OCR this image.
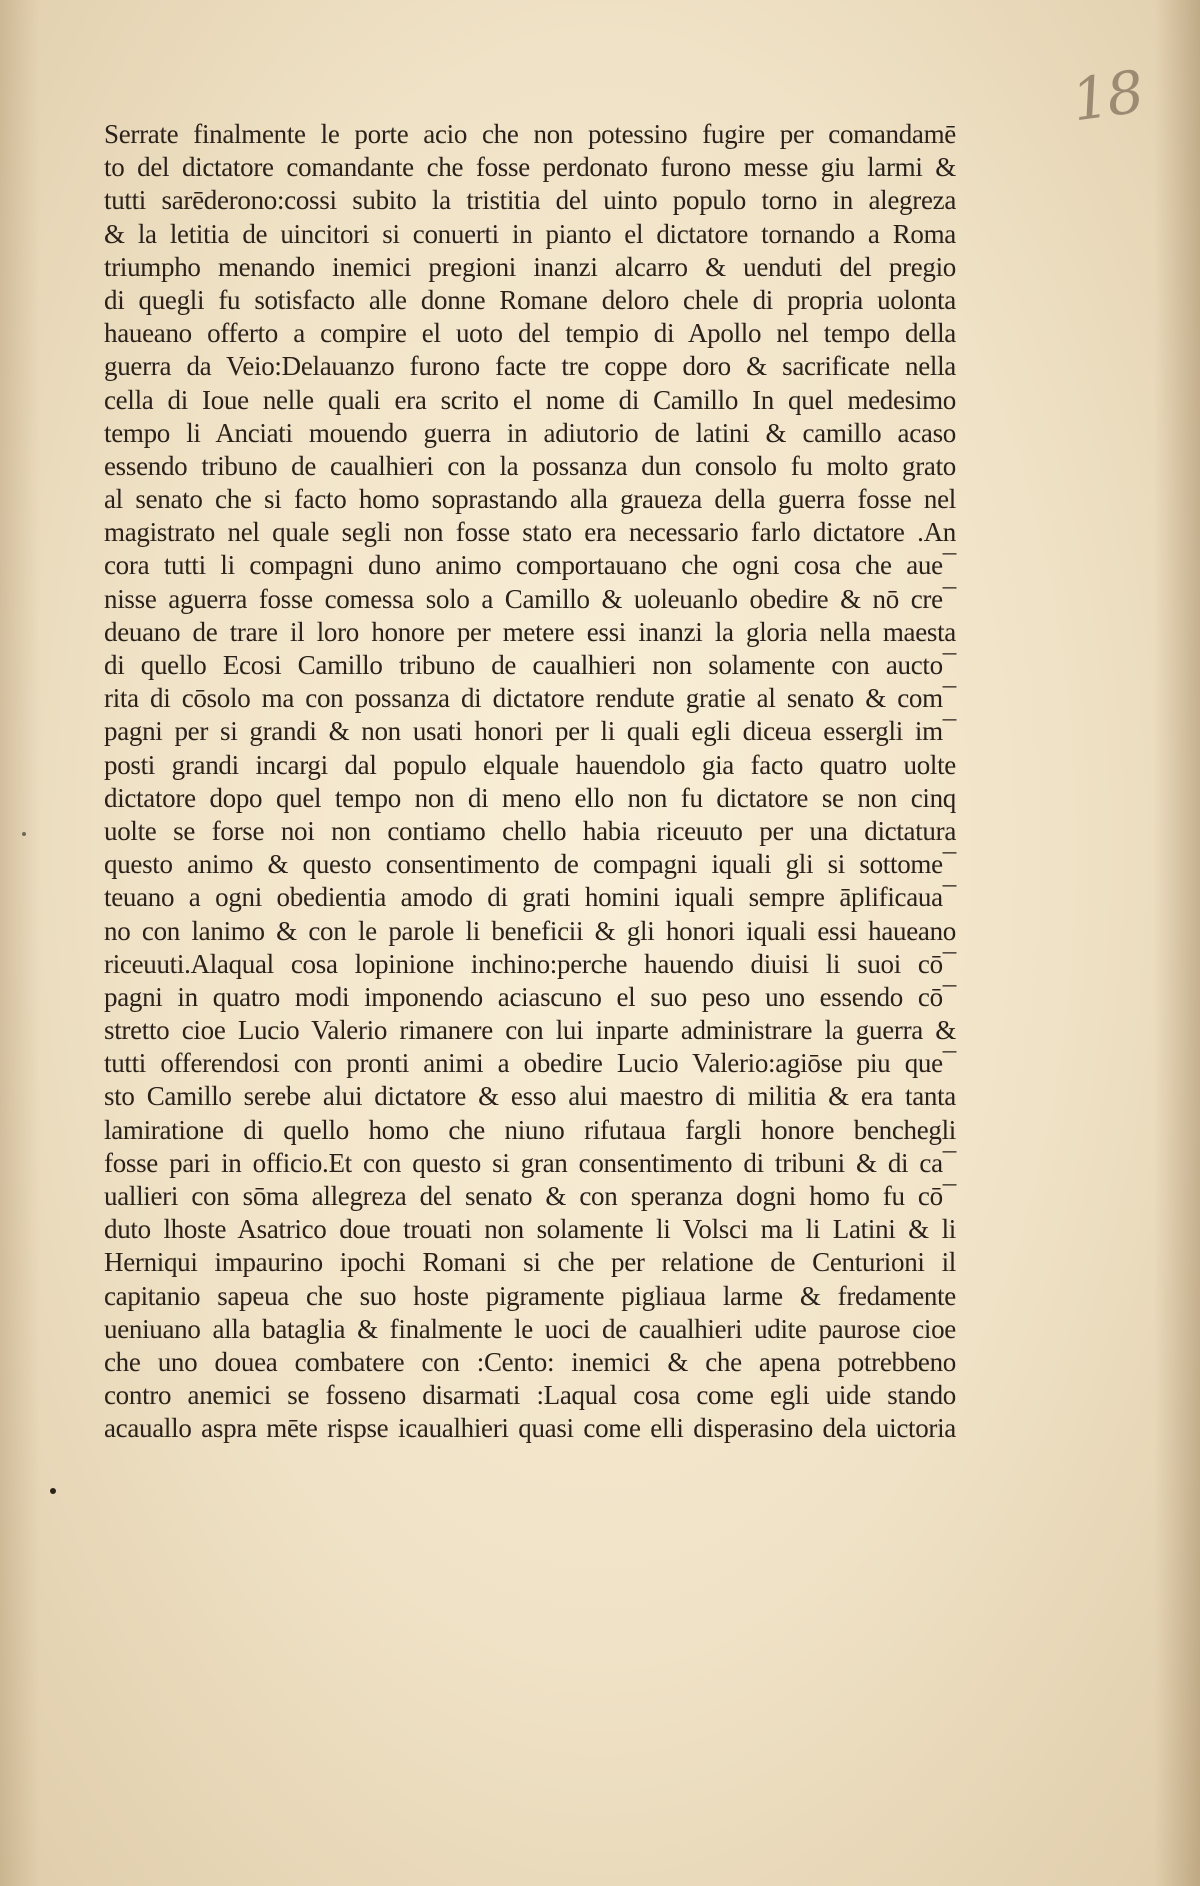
18
Serrate finalmente le porte acio che non potessino fugire per comandamē
to del dictatore comandante che fosse perdonato furono messe giu larmi &
tutti sarēderono:cossi subito la tristitia del uinto populo torno in alegreza
& la letitia de uincitori si conuerti in pianto el dictatore tornando a Roma
triumpho menando inemici pregioni inanzi alcarro & uenduti del pregio
di quegli fu sotisfacto alle donne Romane deloro chele di propria uolonta
haueano offerto a compire el uoto del tempio di Apollo nel tempo della
guerra da Veio:Delauanzo furono facte tre coppe doro & sacrificate nella
cella di Ioue nelle quali era scrito el nome di Camillo In quel medesimo
tempo li Anciati mouendo guerra in adiutorio de latini & camillo acaso
essendo tribuno de caualhieri con la possanza dun consolo fu molto grato
al senato che si facto homo soprastando alla graueza della guerra fosse nel
magistrato nel quale segli non fosse stato era necessario farlo dictatore .An
cora tutti li compagni duno animo comportauano che ogni cosa che aue¯
nisse aguerra fosse comessa solo a Camillo & uoleuanlo obedire & nō cre¯
deuano de trare il loro honore per metere essi inanzi la gloria nella maesta
di quello Ecosi Camillo tribuno de caualhieri non solamente con aucto¯
rita di cōsolo ma con possanza di dictatore rendute gratie al senato & com¯
pagni per si grandi & non usati honori per li quali egli diceua essergli im¯
posti grandi incargi dal populo elquale hauendolo gia facto quatro uolte
dictatore dopo quel tempo non di meno ello non fu dictatore se non cinq
uolte se forse noi non contiamo chello habia riceuuto per una dictatura
questo animo & questo consentimento de compagni iquali gli si sottome¯
teuano a ogni obedientia amodo di grati homini iquali sempre āplificaua¯
no con lanimo & con le parole li beneficii & gli honori iquali essi haueano
riceuuti.Alaqual cosa lopinione inchino:perche hauendo diuisi li suoi cō¯
pagni in quatro modi imponendo aciascuno el suo peso uno essendo cō¯
stretto cioe Lucio Valerio rimanere con lui inparte administrare la guerra &
tutti offerendosi con pronti animi a obedire Lucio Valerio:agiōse piu que¯
sto Camillo serebe alui dictatore & esso alui maestro di militia & era tanta
lamiratione di quello homo che niuno rifutaua fargli honore benchegli
fosse pari in officio.Et con questo si gran consentimento di tribuni & di ca¯
uallieri con sōma allegreza del senato & con speranza dogni homo fu cō¯
duto lhoste Asatrico doue trouati non solamente li Volsci ma li Latini & li
Herniqui impaurino ipochi Romani si che per relatione de Centurioni il
capitanio sapeua che suo hoste pigramente pigliaua larme & fredamente
ueniuano alla bataglia & finalmente le uoci de caualhieri udite paurose cioe
che uno douea combatere con :Cento: inemici & che apena potrebbeno
contro anemici se fosseno disarmati :Laqual cosa come egli uide stando
acauallo aspra mēte rispse icaualhieri quasi come elli disperasino dela uictoria
